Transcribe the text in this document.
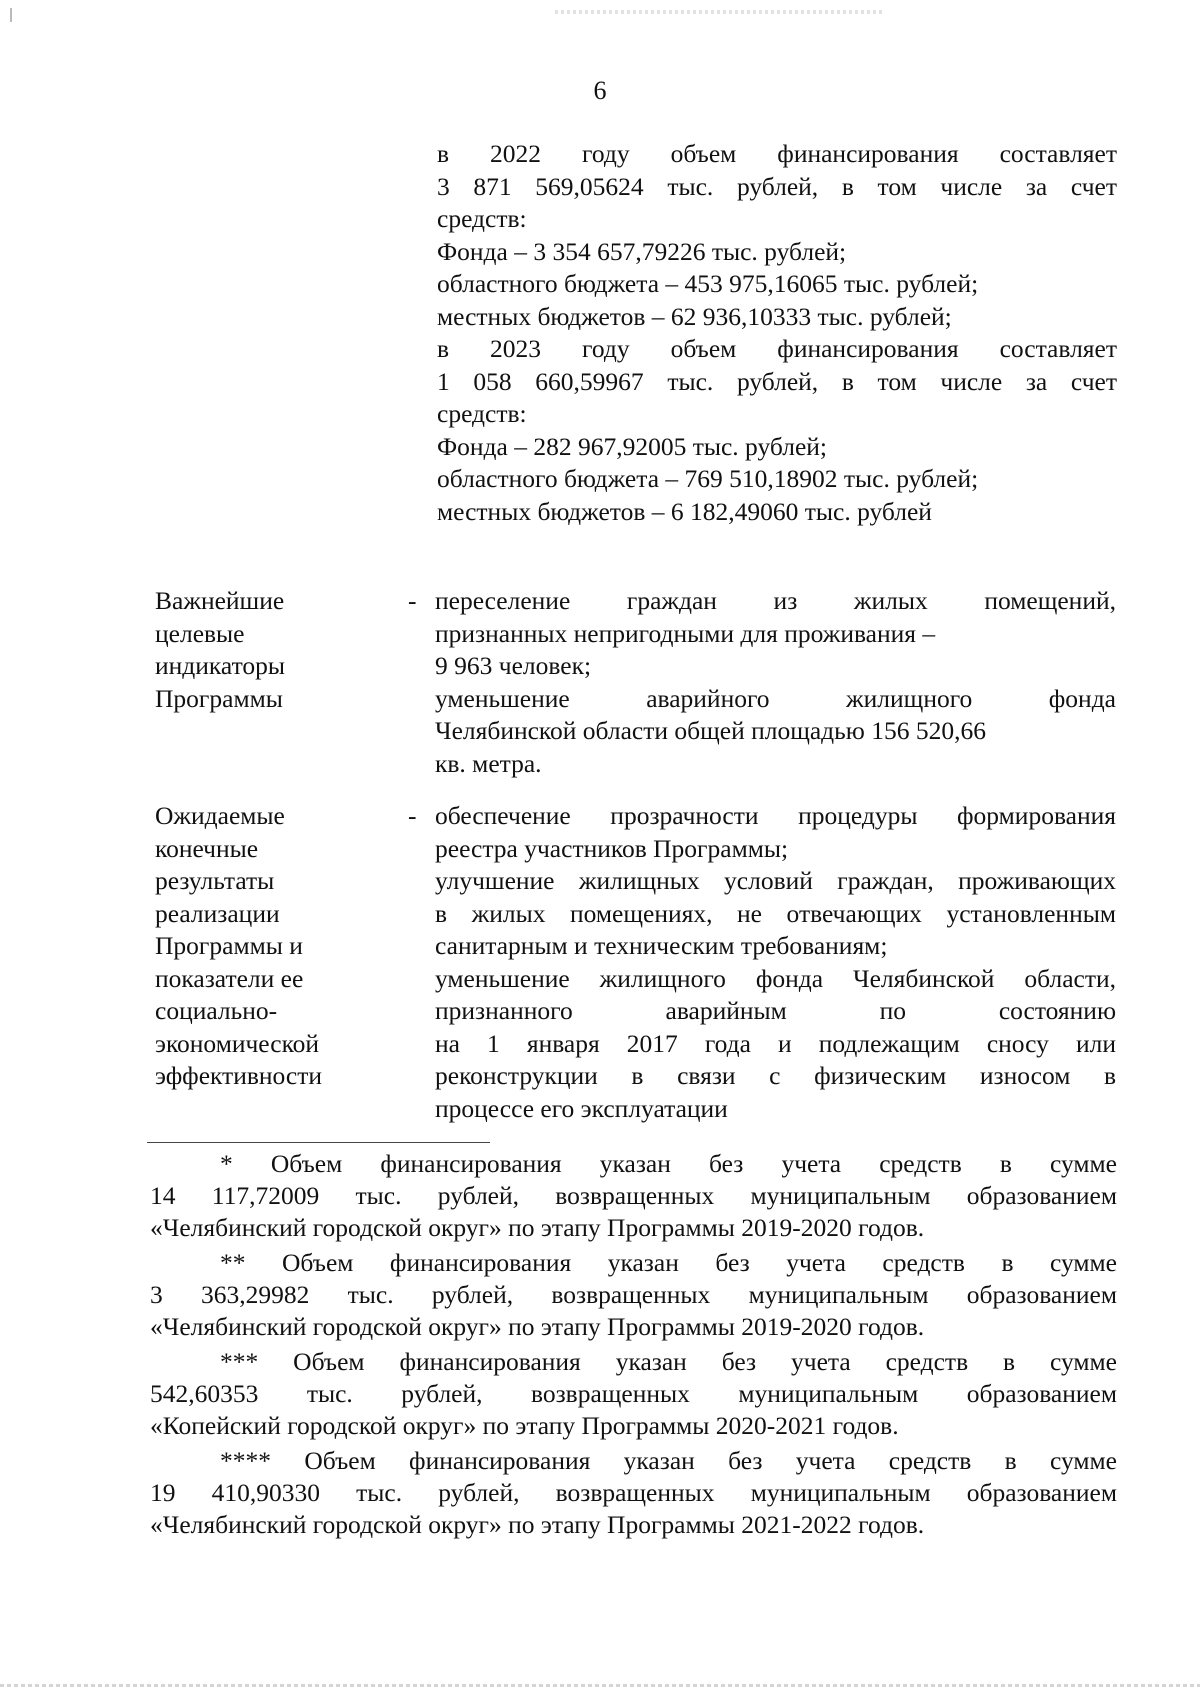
6
в 2022 году объем финансирования составляет
3 871 569,05624 тыс. рублей, в том числе за счет
средств:
Фонда – 3 354 657,79226 тыс. рублей;
областного бюджета – 453 975,16065 тыс. рублей;
местных бюджетов – 62 936,10333 тыс. рублей;
в 2023 году объем финансирования составляет
1 058 660,59967 тыс. рублей, в том числе за счет
средств:
Фонда – 282 967,92005 тыс. рублей;
областного бюджета – 769 510,18902 тыс. рублей;
местных бюджетов – 6 182,49060 тыс. рублей
Важнейшие
целевые
индикаторы
Программы
- переселение граждан из жилых помещений,
признанных непригодными для проживания –
9 963 человек;
уменьшение аварийного жилищного фонда
Челябинской области общей площадью 156 520,66
кв. метра.
Ожидаемые
конечные
результаты
реализации
Программы и
показатели ее
социально-
экономической
эффективности
- обеспечение прозрачности процедуры формирования
реестра участников Программы;
улучшение жилищных условий граждан, проживающих
в жилых помещениях, не отвечающих установленным
санитарным и техническим требованиям;
уменьшение жилищного фонда Челябинской области,
признанного аварийным по состоянию
на 1 января 2017 года и подлежащим сносу или
реконструкции в связи с физическим износом в
процессе его эксплуатации
* Объем финансирования указан без учета средств в сумме
14 117,72009 тыс. рублей, возвращенных муниципальным образованием
«Челябинский городской округ» по этапу Программы 2019-2020 годов.
** Объем финансирования указан без учета средств в сумме
3 363,29982 тыс. рублей, возвращенных муниципальным образованием
«Челябинский городской округ» по этапу Программы 2019-2020 годов.
*** Объем финансирования указан без учета средств в сумме
542,60353 тыс. рублей, возвращенных муниципальным образованием
«Копейский городской округ» по этапу Программы 2020-2021 годов.
**** Объем финансирования указан без учета средств в сумме
19 410,90330 тыс. рублей, возвращенных муниципальным образованием
«Челябинский городской округ» по этапу Программы 2021-2022 годов.
